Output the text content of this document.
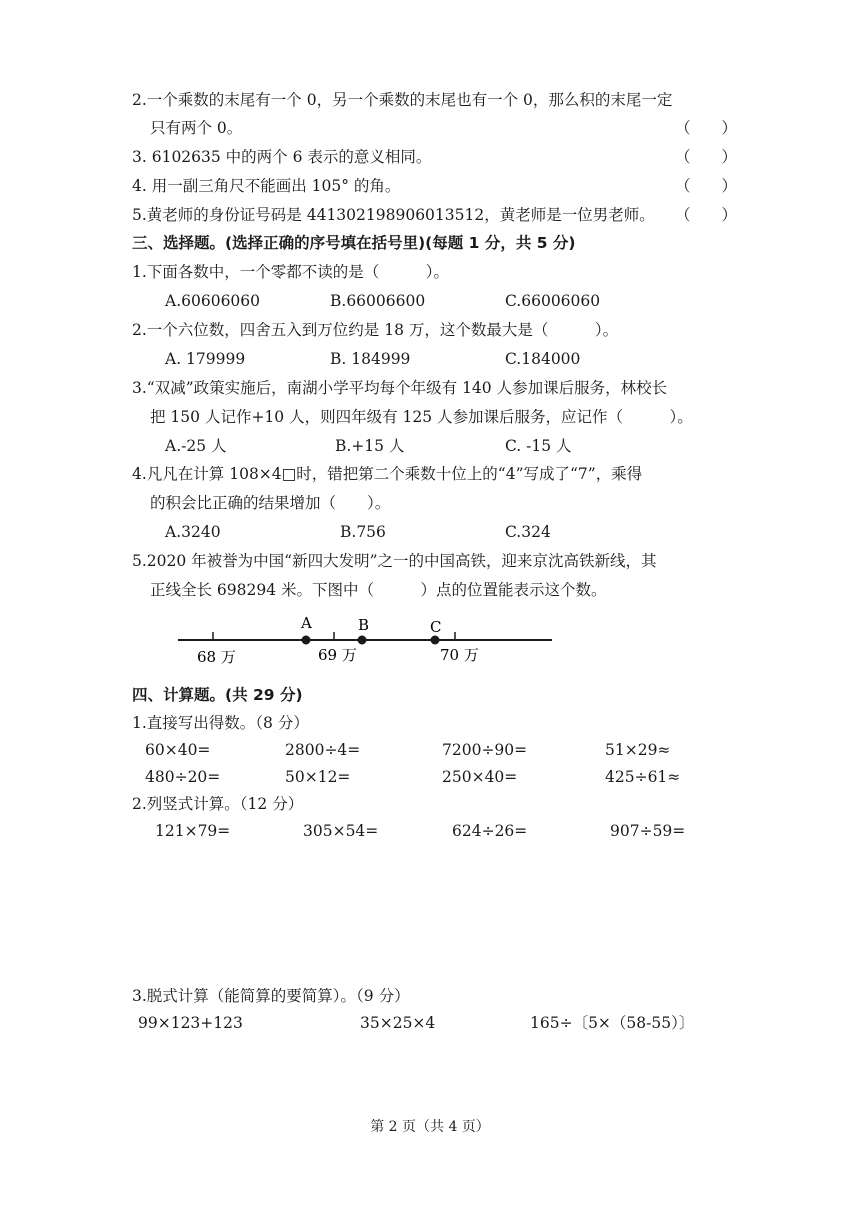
2.一个乘数的末尾有一个 0，另一个乘数的末尾也有一个 0，那么积的末尾一定
只有两个 0。	（　　）
3. 6102635 中的两个 6 表示的意义相同。	（　　）
4. 用一副三角尺不能画出 105° 的角。	（　　）
5.黄老师的身份证号码是 441302198906013512，黄老师是一位男老师。 （　　）
三、选择题。(选择正确的序号填在括号里)(每题 1 分，共 5 分)
1.下面各数中，一个零都不读的是（　　　）。
A.60606060	B.66006600	C.66006060
2.一个六位数，四舍五入到万位约是 18 万，这个数最大是（　　　）。
A. 179999	B. 184999	C.184000
3.“双减”政策实施后，南湖小学平均每个年级有 140 人参加课后服务，林校长
把 150 人记作+10 人，则四年级有 125 人参加课后服务，应记作（　　　）。
A.-25 人	B.+15 人	C. -15 人
4.凡凡在计算 108×4□时，错把第二个乘数十位上的“4”写成了“7”，乘得
的积会比正确的结果增加（　　）。
A.3240	B.756	C.324
5.2020 年被誉为中国“新四大发明”之一的中国高铁，迎来京沈高铁新线，其
正线全长 698294 米。下图中（　　　）点的位置能表示这个数。
A	B	C
68 万	69 万	70 万
四、计算题。(共 29 分)
1.直接写出得数。（8 分）
60×40=	2800÷4=	7200÷90=	51×29≈
480÷20=	50×12=	250×40=	425÷61≈
2.列竖式计算。（12 分）
121×79=	305×54=	624÷26=	907÷59=
3.脱式计算（能简算的要简算）。（9 分）
99×123+123	35×25×4	165÷〔5×（58-55）〕
第 2 页（共 4 页）
